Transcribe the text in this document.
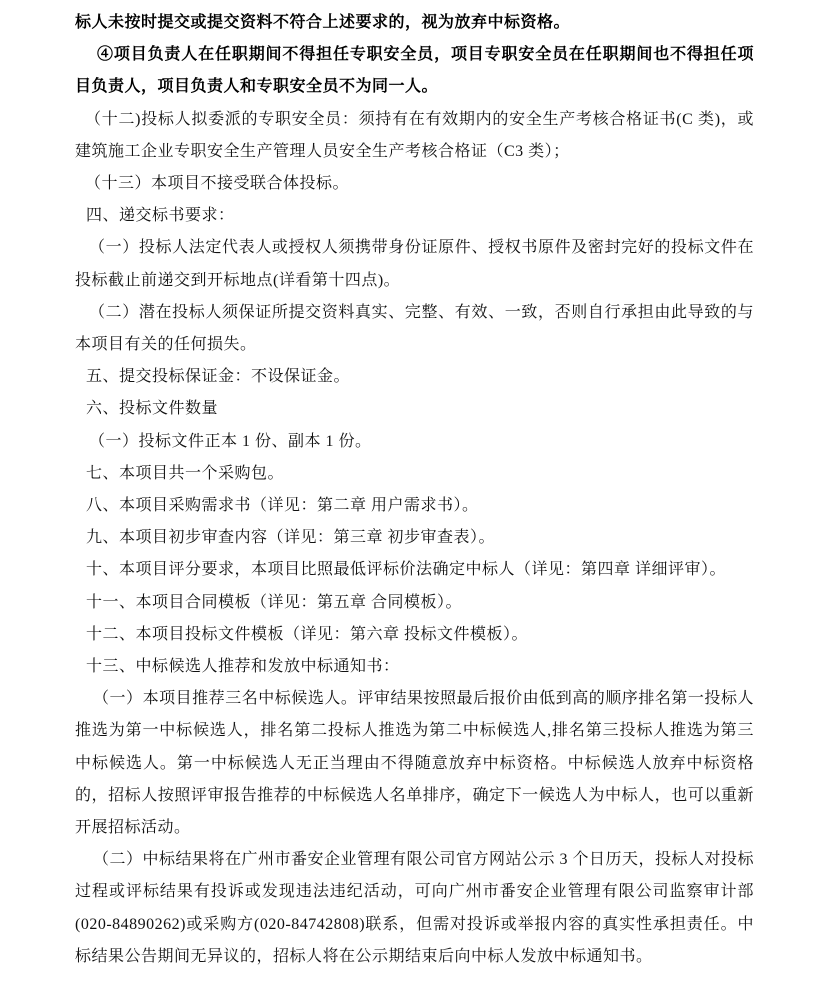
标人未按时提交或提交资料不符合上述要求的，视为放弃中标资格。

④项目负责人在任职期间不得担任专职安全员，项目专职安全员在任职期间也不得担任项目负责人，项目负责人和专职安全员不为同一人。

（十二)投标人拟委派的专职安全员：须持有在有效期内的安全生产考核合格证书(C 类)，或建筑施工企业专职安全生产管理人员安全生产考核合格证（C3 类）；

（十三）本项目不接受联合体投标。

四、递交标书要求：

（一）投标人法定代表人或授权人须携带身份证原件、授权书原件及密封完好的投标文件在投标截止前递交到开标地点(详看第十四点)。

（二）潜在投标人须保证所提交资料真实、完整、有效、一致，否则自行承担由此导致的与本项目有关的任何损失。

五、提交投标保证金：不设保证金。

六、投标文件数量

（一）投标文件正本 1 份、副本 1 份。

七、本项目共一个采购包。

八、本项目采购需求书（详见：第二章 用户需求书）。

九、本项目初步审查内容（详见：第三章 初步审查表）。

十、本项目评分要求，本项目比照最低评标价法确定中标人（详见：第四章 详细评审）。

十一、本项目合同模板（详见：第五章 合同模板）。

十二、本项目投标文件模板（详见：第六章 投标文件模板）。

十三、中标候选人推荐和发放中标通知书：

（一）本项目推荐三名中标候选人。评审结果按照最后报价由低到高的顺序排名第一投标人推选为第一中标候选人，排名第二投标人推选为第二中标候选人,排名第三投标人推选为第三中标候选人。第一中标候选人无正当理由不得随意放弃中标资格。中标候选人放弃中标资格的，招标人按照评审报告推荐的中标候选人名单排序，确定下一候选人为中标人，也可以重新开展招标活动。

（二）中标结果将在广州市番安企业管理有限公司官方网站公示 3 个日历天，投标人对投标过程或评标结果有投诉或发现违法违纪活动，可向广州市番安企业管理有限公司监察审计部(020-84890262)或采购方(020-84742808)联系，但需对投诉或举报内容的真实性承担责任。中标结果公告期间无异议的，招标人将在公示期结束后向中标人发放中标通知书。
